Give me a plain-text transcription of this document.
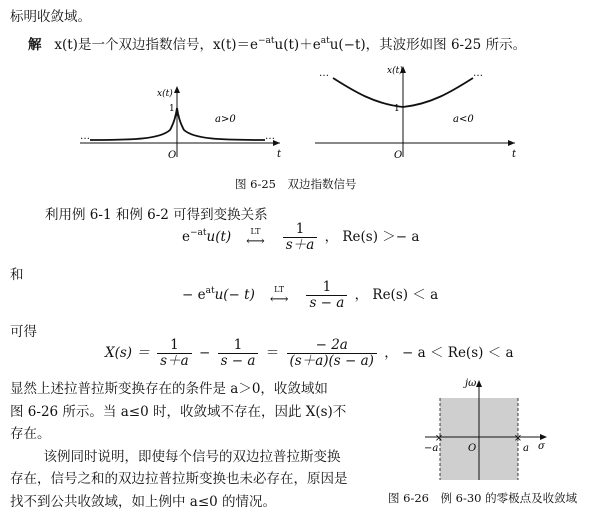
标明收敛域。
解 x(t)是一个双边指数信号，$x(t)=e^{-at}u(t)+e^{at}u(-t)$，其波形如图 6-25 所示。
x(t)
1
O	t
a>0
…	…
x(t)
1
O	t
a<0
…	…
图 6-25　双边指数信号
利用例 6-1 和例 6-2 可得到变换关系
$e^{-at}u(t)$	LT
⟷
	$\frac{1}{s+a}$ ， Re(s) ＞− a
和
− $e^{at}u(- t)$	LT
⟷
	$\frac{1}{s - a}$ ， Re(s) ＜ a
可得
$X(s) = \frac{1}{s+a} - \frac{1}{s - a} = \frac{- 2a}{(s+a)(s - a)}$ ， − a ＜ Re(s) ＜ a
显然上述拉普拉斯变换存在的条件是 a＞0，收敛域如
图 6-26 所示。当 a≤0 时，收敛域不存在，因此 X(s)不
存在。
　该例同时说明，即使每个信号的双边拉普拉斯变换
存在，信号之和的双边拉普拉斯变换也未必存在，原因是
找不到公共收敛域，如上例中 a≤0 的情况。
×	×
jω
σ
−a	a
O
图 6-26　例 6-30 的零极点及收敛域
